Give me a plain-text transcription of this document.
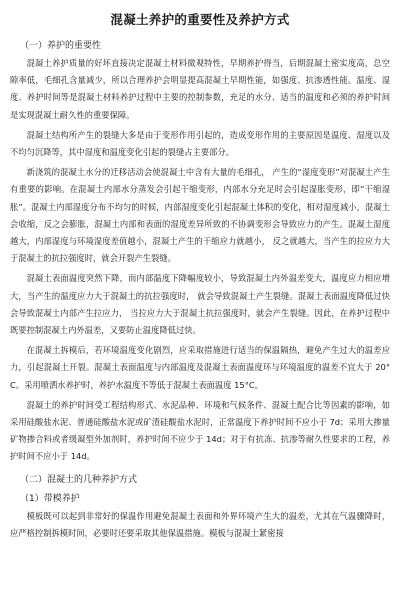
混凝土养护的重要性及养护方式
（一）养护的重要性

混凝土养护质量的好坏直接决定混凝土材料微观特性，早期养护得当，后期混凝土密实度高，总空隙率低，毛细孔含量减少，所以合理养护会明显提高混凝土早期性能，如强度、抗渗透性能。温度、湿度、养护时间等是混凝土材料养护过程中主要的控制参数，充足的水分、适当的温度和必须的养护时间是实现混凝土耐久性的重要保障。

混凝土结构所产生的裂缝大多是由于变形作用引起的，造成变形作用的主要原因是温度、湿度以及不均匀沉降等，其中湿度和温度变化引起的裂缝占主要部分。

新浇筑的混凝土水分的迁移活动会使混凝土中含有大量的毛细孔， 产生的“湿度变形”对混凝土产生有重要的影响。在混凝土内部水分蒸发会引起干缩变形，内部水分充足时会引起湿胀变形，即“干缩湿胀”。混凝土内部湿度分布不均匀的时候，内部湿度变化引起混凝土体积的变化，相对湿度减小，混凝土会收缩，反之会膨胀，混凝土内部和表面的湿度差异所致的不协调变形会导致应力的产生。混凝土湿度越大，内部湿度与环境湿度差值越小，混凝土产生的干缩应力就越小， 反之就越大，当产生的拉应力大于混凝土的抗拉强度时，就会开裂产生裂缝。

混凝土表面温度突然下降，而内部温度下降幅度较小，导致混凝土内外温差变大，温度应力相应增大，当产生的温度应力大于混凝土的抗拉强度时， 就会导致混凝土产生裂缝。混凝土表面温度降低过快会导致混凝土内部产生拉应力， 当拉应力大于混凝土抗拉强度时，就会产生裂缝。因此，在养护过程中既要控制混凝土内外温差，又要防止温度降低过快。

在混凝土拆模后，若环境温度变化剧烈，应采取措施进行适当的保温隔热，避免产生过大的温差应力，引起混凝土开裂。混凝土表面温度与内部温度及混凝土表面温度环与环境温度的温差不宜大于 20°C。采用喷洒水养护时，养护水温度不等低于混凝土表面温度 15°C。

混凝土的养护时间受工程结构形式、水泥品种、环境和气候条件、混凝土配合比等因素的影响，如采用硅酸盐水泥、普通硅酸盐水泥或矿渣硅酸盐水泥时，正常温度下养护时间不应小于 7d；采用大掺量矿物掺合料或者缓凝型外加剂时，养护时间不应少于 14d；对于有抗冻、抗渗等耐久性要求的工程，养护时间不应小于 14d。

（二）混凝土的几种养护方式
（1）带模养护

模板既可以起到非常好的保温作用避免混凝土表面和外界环境产生大的温差，尤其在气温骤降时，应严格控制拆模时间，必要时还要采取其他保温措施。模板与混凝土紧密接
